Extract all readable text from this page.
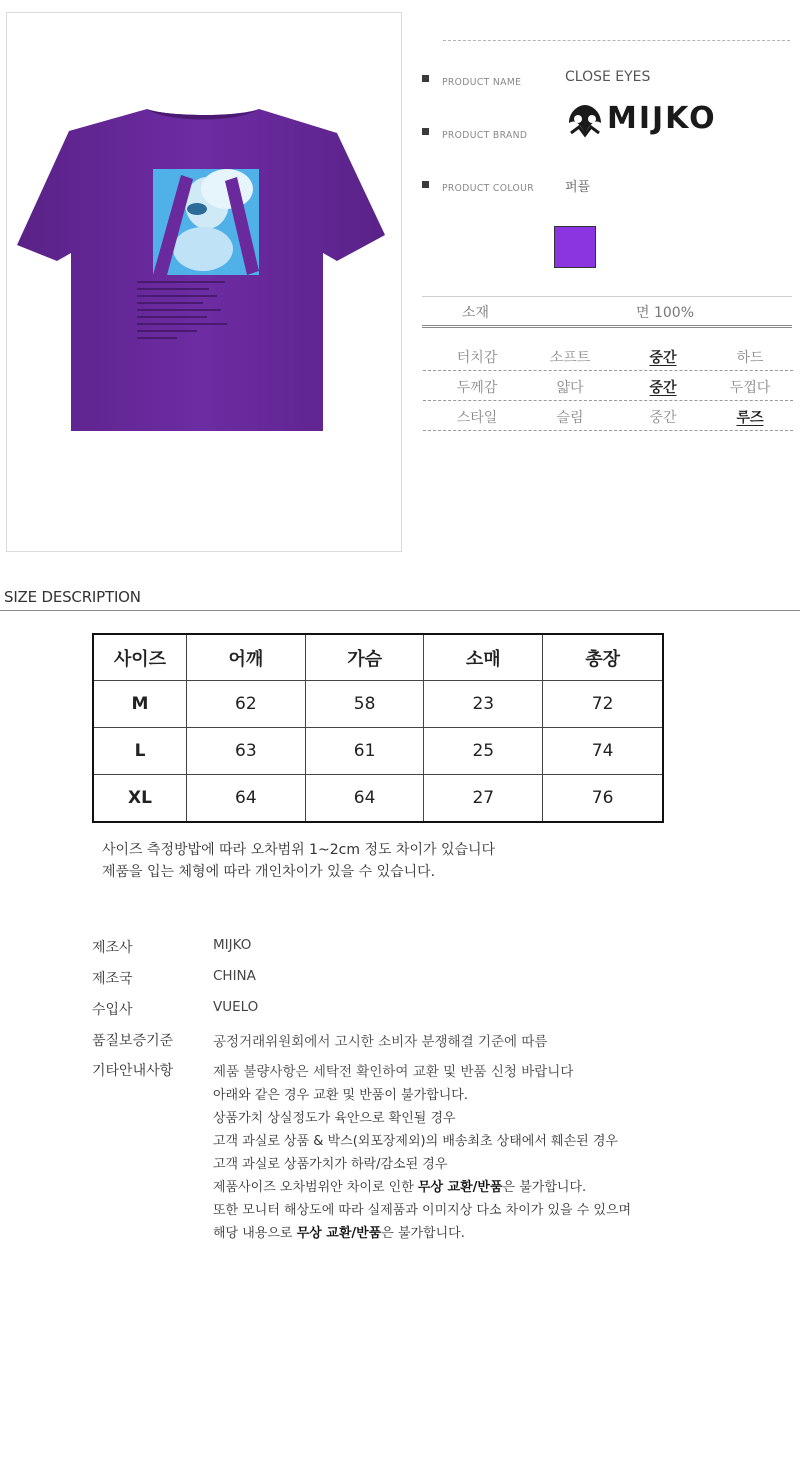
PRODUCT NAME	CLOSE EYES
PRODUCT BRAND	MIJKO
PRODUCT COLOUR 퍼플
소재	면 100%
터치감	소프트	중간	하드
두께감	얇다	중간	두껍다
스타일	슬림	중간	루즈
SIZE DESCRIPTION
사이즈	어깨	가슴	소매	총장
M	62	58	23	72
L	63	61	25	74
XL	64	64	27	76
사이즈 측정방밥에 따라 오차범위 1~2cm 정도 차이가 있습니다
제품을 입는 체형에 따라 개인차이가 있을 수 있습니다.
제조사	MIJKO
제조국	CHINA
수입사	VUELO
품질보증기준	공정거래위원회에서 고시한 소비자 분쟁해결 기준에 따름
기타안내사항	제품 불량사항은 세탁전 확인하여 교환 및 반품 신청 바랍니다
아래와 같은 경우 교환 및 반품이 불가합니다.
상품가치 상실정도가 육안으로 확인될 경우
고객 과실로 상품 & 박스(외포장제외)의 배송최초 상태에서 훼손된 경우
고객 과실로 상품가치가 하락/감소된 경우
제품사이즈 오차범위안 차이로 인한 무상 교환/반품은 불가합니다.
또한 모니터 해상도에 따라 실제품과 이미지상 다소 차이가 있을 수 있으며
해당 내용으로 무상 교환/반품은 불가합니다.
